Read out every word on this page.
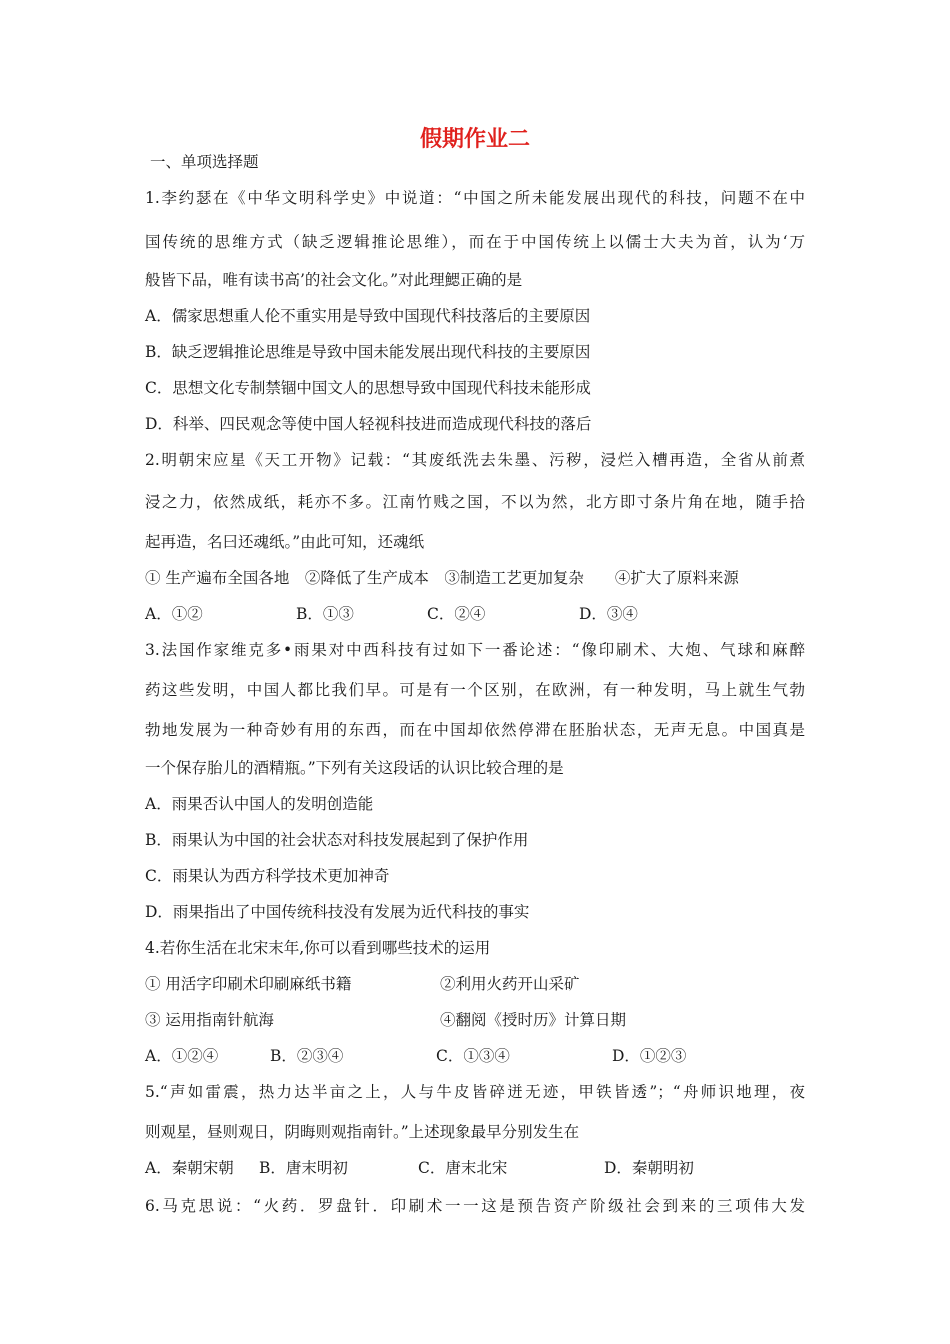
假期作业二
一、单项选择题
1.李约瑟在《中华文明科学史》中说道：“中国之所未能发展出现代的科技，问题不在中
国传统的思维方式（缺乏逻辑推论思维），而在于中国传统上以儒士大夫为首，认为‘万
般皆下品，唯有读书高’的社会文化。”对此理鰓正确的是
A．儒家思想重人伦不重实用是导致中国现代科技落后的主要原因
B．缺乏逻辑推论思维是导致中国未能发展出现代科技的主要原因
C．思想文化专制禁锢中国文人的思想导致中国现代科技未能形成
D．科举、四民观念等使中国人轻视科技进而造成现代科技的落后
2.明朝宋应星《天工开物》记载：“其废纸洗去朱墨、污秽，浸烂入槽再造，全省从前煮
浸之力，依然成纸，耗亦不多。江南竹贱之国，不以为然，北方即寸条片角在地，随手拾
起再造，名曰还魂纸。”由此可知，还魂纸
① 生产遍布全国各地　②降低了生产成本　③制造工艺更加复杂　　④扩大了原料来源
A．①②	B．①③	C．②④	D．③④
3.法国作家维克多•雨果对中西科技有过如下一番论述：“像印刷术、大炮、气球和麻醉
药这些发明，中国人都比我们早。可是有一个区别，在欧洲，有一种发明，马上就生气勃
勃地发展为一种奇妙有用的东西，而在中国却依然停滞在胚胎状态，无声无息。中国真是
一个保存胎儿的酒精瓶。”下列有关这段话的认识比较合理的是
A．雨果否认中国人的发明创造能
B．雨果认为中国的社会状态对科技发展起到了保护作用
C．雨果认为西方科学技术更加神奇
D．雨果指出了中国传统科技没有发展为近代科技的事实
4.若你生活在北宋末年,你可以看到哪些技术的运用
① 用活字印刷术印刷麻纸书籍	②利用火药开山采矿
③ 运用指南针航海	④翻阅《授时历》计算日期
A．①②④	B．②③④	C．①③④	D．①②③
5.“声如雷震，热力达半亩之上，人与牛皮皆碎迸无迹，甲铁皆透”；“舟师识地理，夜
则观星，昼则观日，阴晦则观指南针。”上述现象最早分别发生在
A．秦朝宋朝 B．唐末明初	C．唐末北宋	D．秦朝明初
6.马克思说：“火药．罗盘针．印刷术一一这是预告资产阶级社会到来的三项伟大发
